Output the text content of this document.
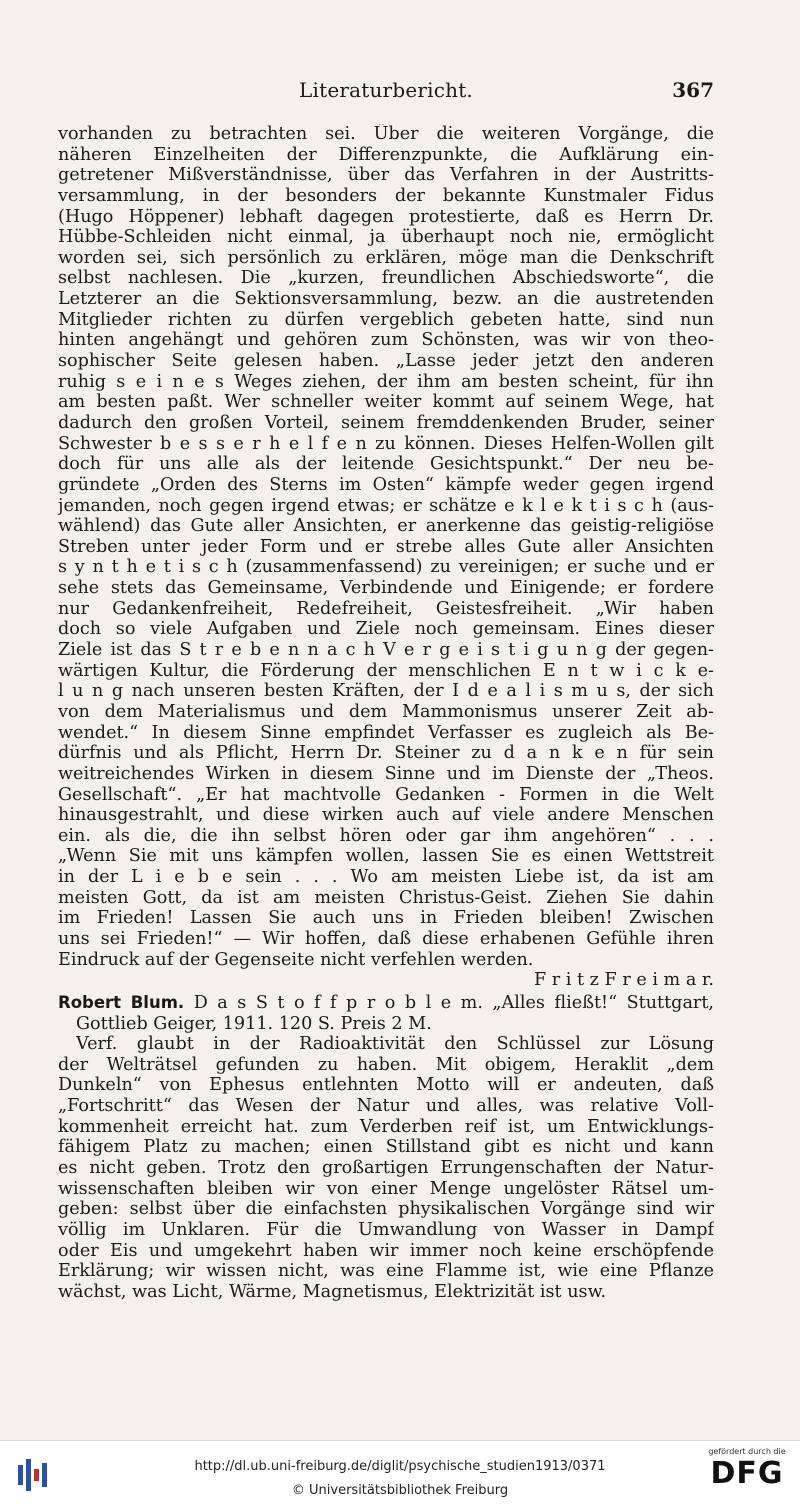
Literaturbericht.	367
vorhanden zu betrachten sei. Über die weiteren Vorgänge, die
näheren Einzelheiten der Differenzpunkte, die Aufklärung ein-
getretener Mißverständnisse, über das Verfahren in der Austritts-
versammlung, in der besonders der bekannte Kunstmaler Fidus
(Hugo Höppener) lebhaft dagegen protestierte, daß es Herrn Dr.
Hübbe-Schleiden nicht einmal, ja überhaupt noch nie, ermöglicht
worden sei, sich persönlich zu erklären, möge man die Denkschrift
selbst nachlesen. Die „kurzen, freundlichen Abschiedsworte“, die
Letzterer an die Sektionsversammlung, bezw. an die austretenden
Mitglieder richten zu dürfen vergeblich gebeten hatte, sind nun
hinten angehängt und gehören zum Schönsten, was wir von theo-
sophischer Seite gelesen haben. „Lasse jeder jetzt den anderen
ruhig s e i n e s Weges ziehen, der ihm am besten scheint, für ihn
am besten paßt. Wer schneller weiter kommt auf seinem Wege, hat
dadurch den großen Vorteil, seinem fremddenkenden Bruder, seiner
Schwester b e s s e r h e l f e n zu können. Dieses Helfen-Wollen gilt
doch für uns alle als der leitende Gesichtspunkt.“ Der neu be-
gründete „Orden des Sterns im Osten“ kämpfe weder gegen irgend
jemanden, noch gegen irgend etwas; er schätze e k l e k t i s c h (aus-
wählend) das Gute aller Ansichten, er anerkenne das geistig-religiöse
Streben unter jeder Form und er strebe alles Gute aller Ansichten
s y n t h e t i s c h (zusammenfassend) zu vereinigen; er suche und er
sehe stets das Gemeinsame, Verbindende und Einigende; er fordere
nur Gedankenfreiheit, Redefreiheit, Geistesfreiheit. „Wir haben
doch so viele Aufgaben und Ziele noch gemeinsam. Eines dieser
Ziele ist das S t r e b e n n a c h V e r g e i s t i g u n g der gegen-
wärtigen Kultur, die Förderung der menschlichen E n t w i c k e-
l u n g nach unseren besten Kräften, der I d e a l i s m u s, der sich
von dem Materialismus und dem Mammonismus unserer Zeit ab-
wendet.“ In diesem Sinne empfindet Verfasser es zugleich als Be-
dürfnis und als Pflicht, Herrn Dr. Steiner zu d a n k e n für sein
weitreichendes Wirken in diesem Sinne und im Dienste der „Theos.
Gesellschaft“. „Er hat machtvolle Gedanken - Formen in die Welt
hinausgestrahlt, und diese wirken auch auf viele andere Menschen
ein. als die, die ihn selbst hören oder gar ihm angehören“ . . .
„Wenn Sie mit uns kämpfen wollen, lassen Sie es einen Wettstreit
in der L i e b e sein . . . Wo am meisten Liebe ist, da ist am
meisten Gott, da ist am meisten Christus-Geist. Ziehen Sie dahin
im Frieden! Lassen Sie auch uns in Frieden bleiben! Zwischen
uns sei Frieden!“ — Wir hoffen, daß diese erhabenen Gefühle ihren
Eindruck auf der Gegenseite nicht verfehlen werden.
F r i t z F r e i m a r.
Robert Blum. D a s S t o f f p r o b l e m. „Alles fließt!“ Stuttgart,
Gottlieb Geiger, 1911. 120 S. Preis 2 M.
Verf. glaubt in der Radioaktivität den Schlüssel zur Lösung
der Welträtsel gefunden zu haben. Mit obigem, Heraklit „dem
Dunkeln“ von Ephesus entlehnten Motto will er andeuten, daß
„Fortschritt“ das Wesen der Natur und alles, was relative Voll-
kommenheit erreicht hat. zum Verderben reif ist, um Entwicklungs-
fähigem Platz zu machen; einen Stillstand gibt es nicht und kann
es nicht geben. Trotz den großartigen Errungenschaften der Natur-
wissenschaften bleiben wir von einer Menge ungelöster Rätsel um-
geben: selbst über die einfachsten physikalischen Vorgänge sind wir
völlig im Unklaren. Für die Umwandlung von Wasser in Dampf
oder Eis und umgekehrt haben wir immer noch keine erschöpfende
Erklärung; wir wissen nicht, was eine Flamme ist, wie eine Pflanze
wächst, was Licht, Wärme, Magnetismus, Elektrizität ist usw.
http://dl.ub.uni-freiburg.de/diglit/psychische_studien1913/0371
© Universitätsbibliothek Freiburg
gefördert durch die
DFG
